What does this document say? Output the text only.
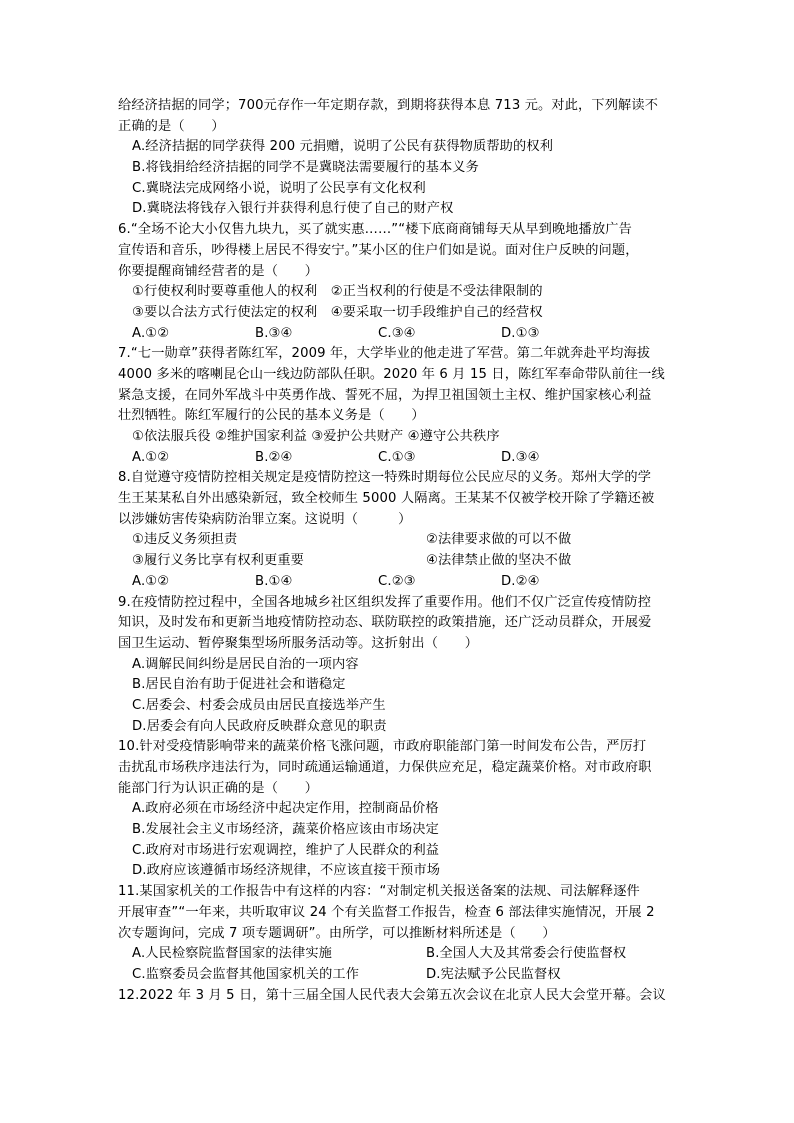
给经济拮据的同学；700元存作一年定期存款，到期将获得本息 713 元。对此，下列解读不
正确的是（　　）
A.经济拮据的同学获得 200 元捐赠，说明了公民有获得物质帮助的权利
B.将钱捐给经济拮据的同学不是冀晓法需要履行的基本义务
C.冀晓法完成网络小说，说明了公民享有文化权利
D.冀晓法将钱存入银行并获得利息行使了自己的财产权
6.“全场不论大小仅售九块九，买了就实惠……”“楼下底商商铺每天从早到晚地播放广告
宣传语和音乐，吵得楼上居民不得安宁。”某小区的住户们如是说。面对住户反映的问题，
你要提醒商铺经营者的是（　　）
①行使权利时要尊重他人的权利　②正当权利的行使是不受法律限制的
③要以合法方式行使法定的权利　④要采取一切手段维护自己的经营权
A.①②	B.③④	C.③④	D.①③
7.“七一勋章”获得者陈红军，2009 年，大学毕业的他走进了军营。第二年就奔赴平均海拔
4000 多米的喀喇昆仑山一线边防部队任职。2020 年 6 月 15 日，陈红军奉命带队前往一线
紧急支援，在同外军战斗中英勇作战、誓死不屈，为捍卫祖国领土主权、维护国家核心利益
壮烈牺牲。陈红军履行的公民的基本义务是（　　）
①依法服兵役 ②维护国家利益 ③爱护公共财产 ④遵守公共秩序
A.①②	B.②④	C.①③	D.③④
8.自觉遵守疫情防控相关规定是疫情防控这一特殊时期每位公民应尽的义务。郑州大学的学
生王某某私自外出感染新冠，致全校师生 5000 人隔离。王某某不仅被学校开除了学籍还被
以涉嫌妨害传染病防治罪立案。这说明（　　　）
①违反义务须担责	②法律要求做的可以不做
③履行义务比享有权利更重要	④法律禁止做的坚决不做
A.①②	B.①④	C.②③	D.②④
9.在疫情防控过程中，全国各地城乡社区组织发挥了重要作用。他们不仅广泛宣传疫情防控
知识，及时发布和更新当地疫情防控动态、联防联控的政策措施，还广泛动员群众，开展爱
国卫生运动、暂停聚集型场所服务活动等。这折射出（　　）
A.调解民间纠纷是居民自治的一项内容
B.居民自治有助于促进社会和谐稳定
C.居委会、村委会成员由居民直接选举产生
D.居委会有向人民政府反映群众意见的职责
10.针对受疫情影响带来的蔬菜价格飞涨问题，市政府职能部门第一时间发布公告，严厉打
击扰乱市场秩序违法行为，同时疏通运输通道，力保供应充足，稳定蔬菜价格。对市政府职
能部门行为认识正确的是（　　）
A.政府必须在市场经济中起决定作用，控制商品价格
B.发展社会主义市场经济，蔬菜价格应该由市场决定
C.政府对市场进行宏观调控，维护了人民群众的利益
D.政府应该遵循市场经济规律，不应该直接干预市场
11.某国家机关的工作报告中有这样的内容：“对制定机关报送备案的法规、司法解释逐件
开展审查”“一年来，共听取审议 24 个有关监督工作报告，检查 6 部法律实施情况，开展 2
次专题询问，完成 7 项专题调研”。由所学，可以推断材料所述是（　　）
A.人民检察院监督国家的法律实施	B.全国人大及其常委会行使监督权
C.监察委员会监督其他国家机关的工作	D.宪法赋予公民监督权
12.2022 年 3 月 5 日，第十三届全国人民代表大会第五次会议在北京人民大会堂开幕。会议
